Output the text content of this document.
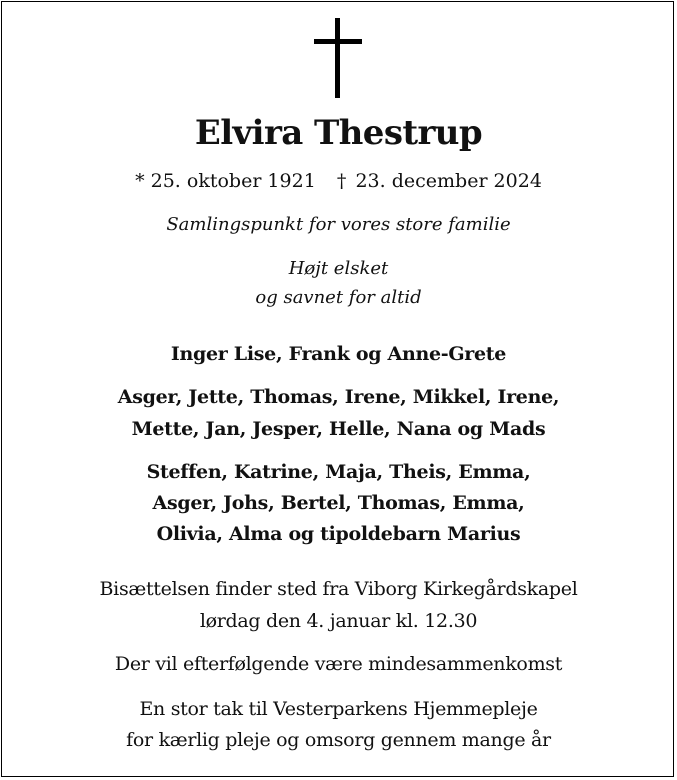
Elvira Thestrup
* 25. oktober 1921 † 23. december 2024
Samlingspunkt for vores store familie
Højt elsket
og savnet for altid
Inger Lise, Frank og Anne-Grete
Asger, Jette, Thomas, Irene, Mikkel, Irene,
Mette, Jan, Jesper, Helle, Nana og Mads
Steffen, Katrine, Maja, Theis, Emma,
Asger, Johs, Bertel, Thomas, Emma,
Olivia, Alma og tipoldebarn Marius
Bisættelsen finder sted fra Viborg Kirkegårdskapel
lørdag den 4. januar kl. 12.30
Der vil efterfølgende være mindesammenkomst
En stor tak til Vesterparkens Hjemmepleje
for kærlig pleje og omsorg gennem mange år
